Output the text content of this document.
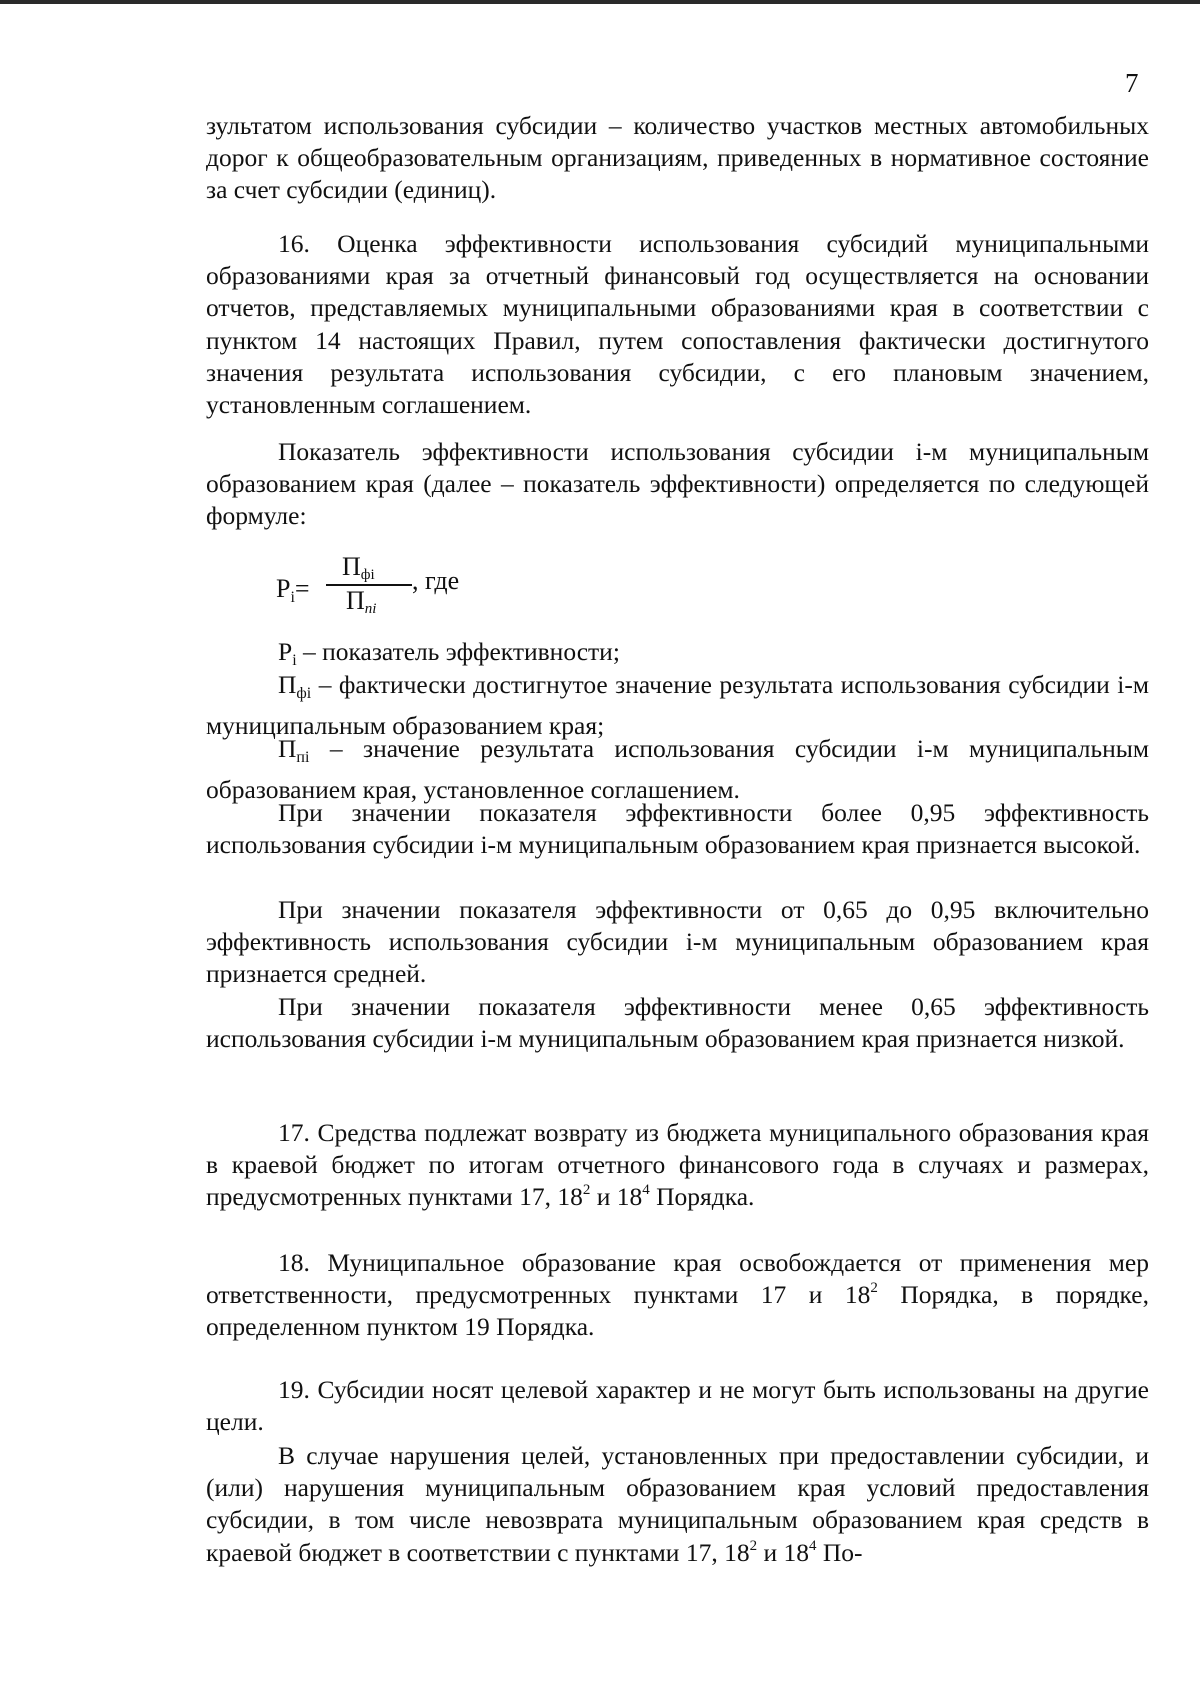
7

зультатом использования субсидии – количество участков местных автомобильных дорог к общеобразовательным организациям, приведенных в нормативное состояние за счет субсидии (единиц).

16. Оценка эффективности использования субсидий муниципальными образованиями края за отчетный финансовый год осуществляется на основании отчетов, представляемых муниципальными образованиями края в соответствии с пунктом 14 настоящих Правил, путем сопоставления фактически достигнутого значения результата использования субсидии, с его плановым значением, установленным соглашением.

Показатель эффективности использования субсидии i-м муниципальным образованием края (далее – показатель эффективности) определяется по следующей формуле:

$P_i=$
$П_{фi}$
$П_{пi}$
, где

$P_i$ – показатель эффективности;

$П_{фi}$ – фактически достигнутое значение результата использования субсидии i-м муниципальным образованием края;

$П_{пi}$ – значение результата использования субсидии i-м муниципальным образованием края, установленное соглашением.

При значении показателя эффективности более 0,95 эффективность использования субсидии i-м муниципальным образованием края признается высокой.

При значении показателя эффективности от 0,65 до 0,95 включительно эффективность использования субсидии i-м муниципальным образованием края признается средней.

При значении показателя эффективности менее 0,65 эффективность использования субсидии i-м муниципальным образованием края признается низкой.

17. Средства подлежат возврату из бюджета муниципального образования края в краевой бюджет по итогам отчетного финансового года в случаях и размерах, предусмотренных пунктами 17, $18^2$ и $18^4$ Порядка.

18. Муниципальное образование края освобождается от применения мер ответственности, предусмотренных пунктами 17 и $18^2$ Порядка, в порядке, определенном пунктом 19 Порядка.

19. Субсидии носят целевой характер и не могут быть использованы на другие цели.

В случае нарушения целей, установленных при предоставлении субсидии, и (или) нарушения муниципальным образованием края условий предоставления субсидии, в том числе невозврата муниципальным образованием края средств в краевой бюджет в соответствии с пунктами 17, $18^2$ и $18^4$ По-
